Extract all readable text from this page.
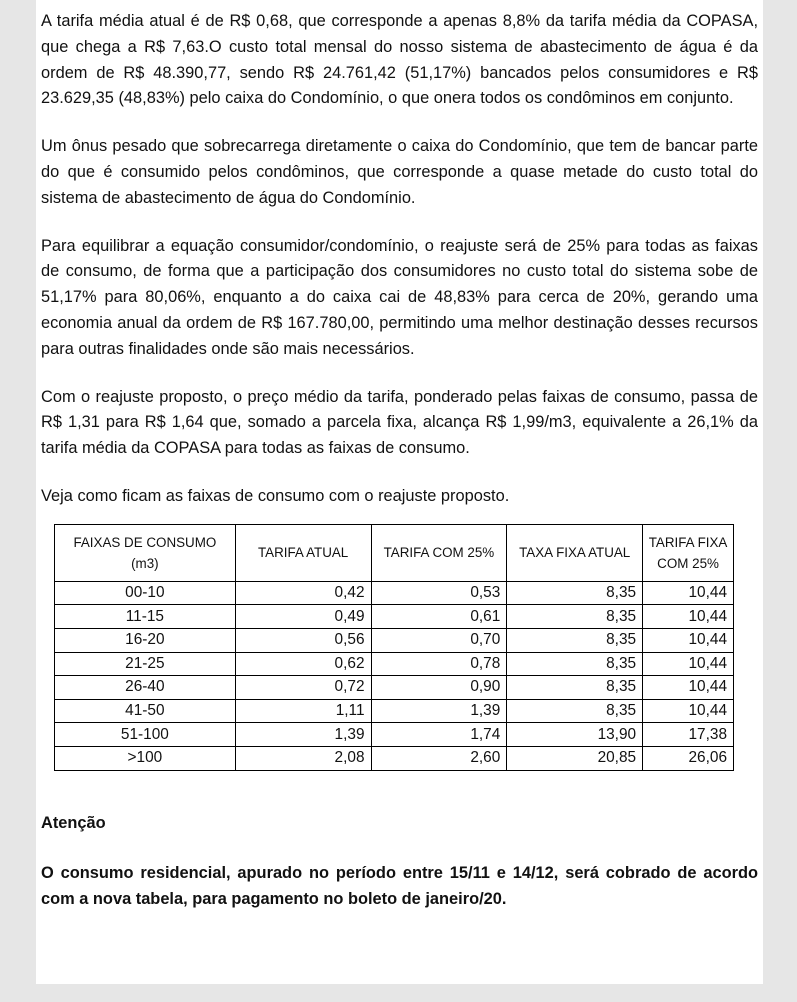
A tarifa média atual é de R$ 0,68, que corresponde a apenas 8,8% da tarifa média da COPASA, que chega a R$ 7,63.O custo total mensal do nosso sistema de abastecimento de água é da ordem de R$ 48.390,77, sendo R$ 24.761,42 (51,17%) bancados pelos consumidores e R$ 23.629,35 (48,83%) pelo caixa do Condomínio, o que onera todos os condôminos em conjunto.

Um ônus pesado que sobrecarrega diretamente o caixa do Condomínio, que tem de bancar parte do que é consumido pelos condôminos, que corresponde a quase metade do custo total do sistema de abastecimento de água do Condomínio.

Para equilibrar a equação consumidor/condomínio, o reajuste será de 25% para todas as faixas de consumo, de forma que a participação dos consumidores no custo total do sistema sobe de 51,17% para 80,06%, enquanto a do caixa cai de 48,83% para cerca de 20%, gerando uma economia anual da ordem de R$ 167.780,00, permitindo uma melhor destinação desses recursos para outras finalidades onde são mais necessários.

Com o reajuste proposto, o preço médio da tarifa, ponderado pelas faixas de consumo, passa de R$ 1,31 para R$ 1,64 que, somado a parcela fixa, alcança R$ 1,99/m3, equivalente a 26,1% da tarifa média da COPASA para todas as faixas de consumo.

Veja como ficam as faixas de consumo com o reajuste proposto.

FAIXAS DE CONSUMO (m3)	TARIFA ATUAL	TARIFA COM 25%	TAXA FIXA ATUAL	TARIFA FIXA COM 25%
00-10	0,42	0,53	8,35	10,44
11-15	0,49	0,61	8,35	10,44
16-20	0,56	0,70	8,35	10,44
21-25	0,62	0,78	8,35	10,44
26-40	0,72	0,90	8,35	10,44
41-50	1,11	1,39	8,35	10,44
51-100	1,39	1,74	13,90	17,38
>100	2,08	2,60	20,85	26,06

Atenção

O consumo residencial, apurado no período entre 15/11 e 14/12, será cobrado de acordo com a nova tabela, para pagamento no boleto de janeiro/20.
